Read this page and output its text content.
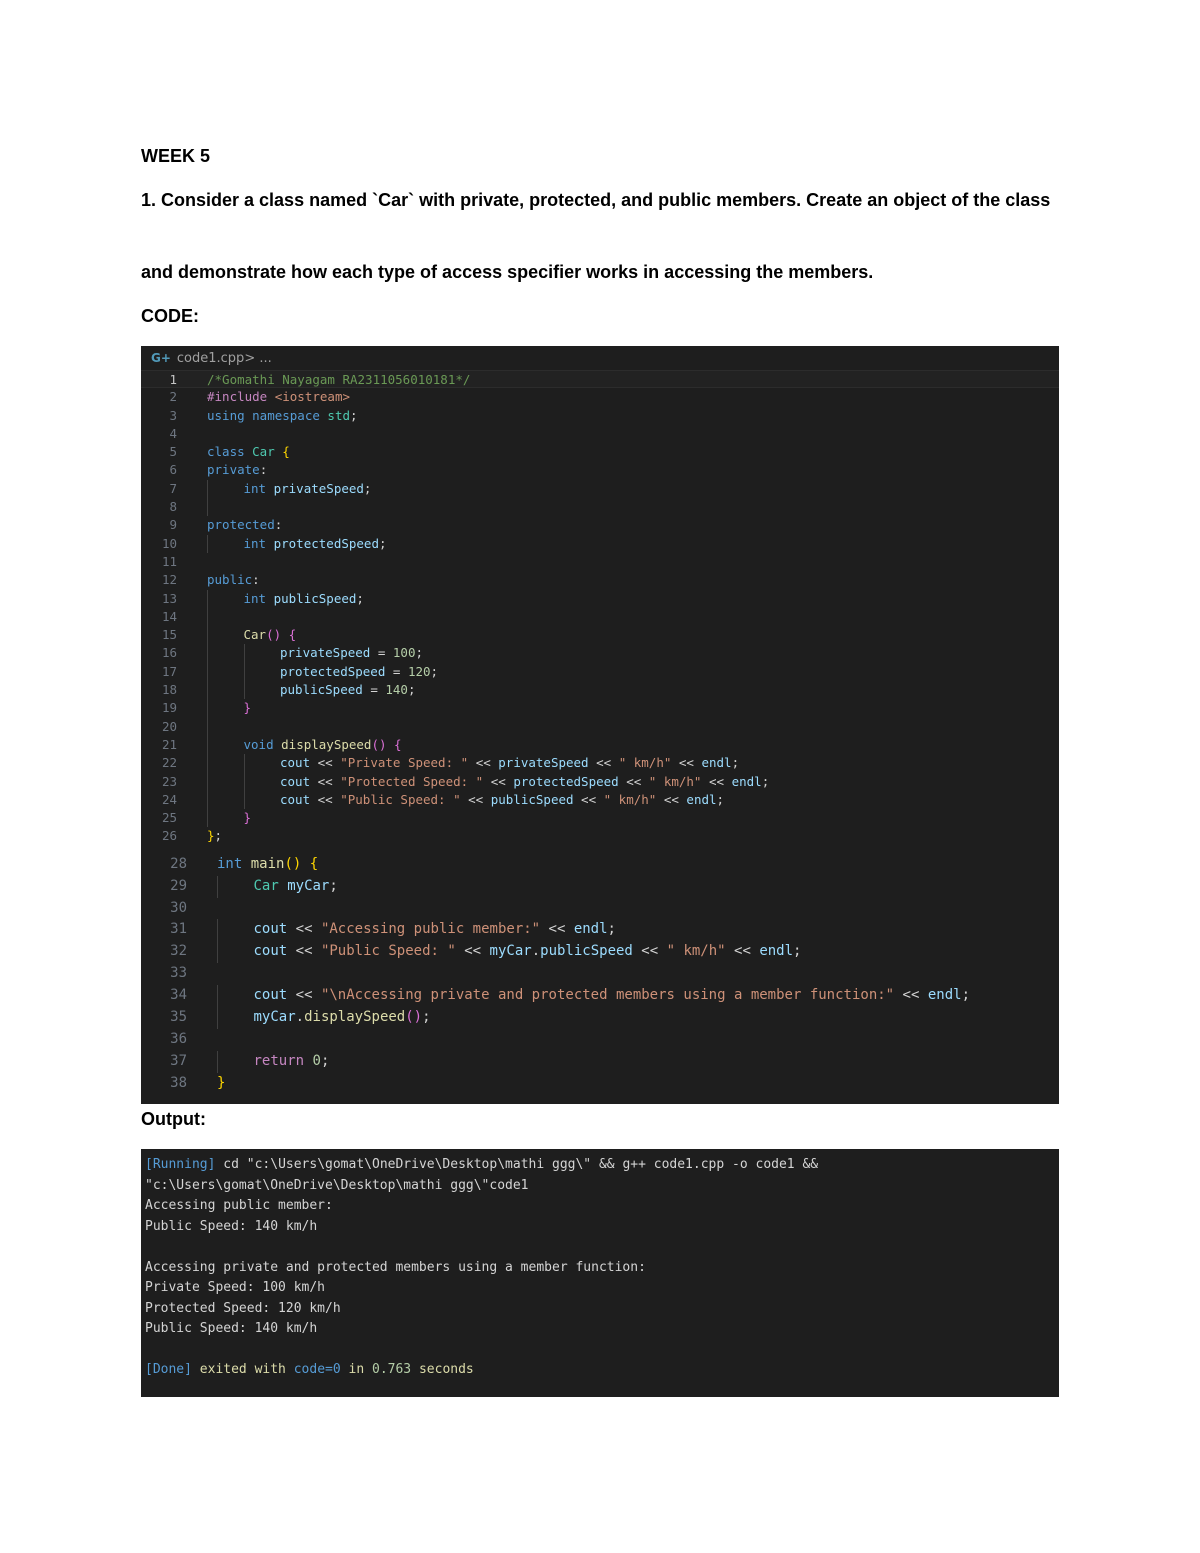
WEEK 5
1. Consider a class named `Car` with private, protected, and public members. Create an object of the class
and demonstrate how each type of access specifier works in accessing the members.
CODE:
G+ code1.cpp > ...
1	/*Gomathi Nayagam RA2311056010181*/
2	#include <iostream>
3	using namespace std;
4
5	class Car {
6	private:
7	int privateSpeed;
8
9	protected:
10	int protectedSpeed;
11
12	public:
13	int publicSpeed;
14
15	Car() {
16	privateSpeed = 100;
17	protectedSpeed = 120;
18	publicSpeed = 140;
19	}
20
21	void displaySpeed() {
22	cout << "Private Speed: " << privateSpeed << " km/h" << endl;
23	cout << "Protected Speed: " << protectedSpeed << " km/h" << endl;
24	cout << "Public Speed: " << publicSpeed << " km/h" << endl;
25	}
26	};
28	int main() {
29	Car myCar;
30
31	cout << "Accessing public member:" << endl;
32	cout << "Public Speed: " << myCar.publicSpeed << " km/h" << endl;
33
34	cout << "\nAccessing private and protected members using a member function:" << endl;
35	myCar.displaySpeed();
36
37	return 0;
38	}
Output:
[Running] cd "c:\Users\gomat\OneDrive\Desktop\mathi ggg\" && g++ code1.cpp -o code1 &&
"c:\Users\gomat\OneDrive\Desktop\mathi ggg\"code1
Accessing public member:
Public Speed: 140 km/h
Accessing private and protected members using a member function:
Private Speed: 100 km/h
Protected Speed: 120 km/h
Public Speed: 140 km/h
[Done] exited with code=0 in 0.763 seconds
